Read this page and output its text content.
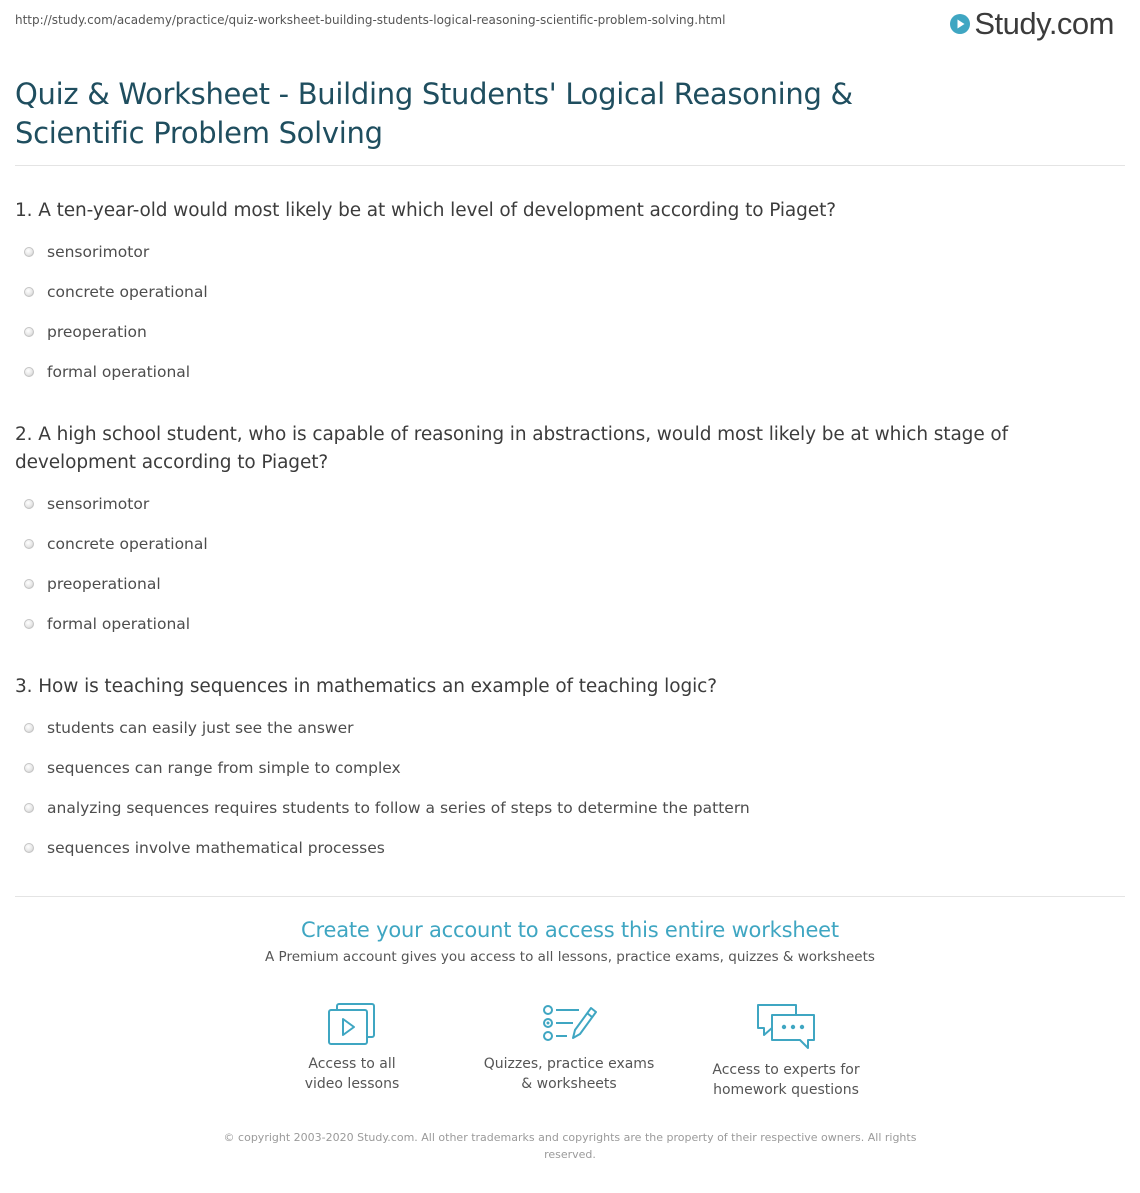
http://study.com/academy/practice/quiz-worksheet-building-students-logical-reasoning-scientific-problem-solving.html	Study.com
Quiz & Worksheet - Building Students' Logical Reasoning & Scientific Problem Solving
1. A ten-year-old would most likely be at which level of development according to Piaget?
sensorimotor
concrete operational
preoperation
formal operational
2. A high school student, who is capable of reasoning in abstractions, would most likely be at which stage of development according to Piaget?
sensorimotor
concrete operational
preoperational
formal operational
3. How is teaching sequences in mathematics an example of teaching logic?
students can easily just see the answer
sequences can range from simple to complex
analyzing sequences requires students to follow a series of steps to determine the pattern
sequences involve mathematical processes
Create your account to access this entire worksheet
A Premium account gives you access to all lessons, practice exams, quizzes & worksheets
Access to all
video lessons
Quizzes, practice exams
& worksheets
Access to experts for
homework questions
© copyright 2003-2020 Study.com. All other trademarks and copyrights are the property of their respective owners. All rights reserved.
